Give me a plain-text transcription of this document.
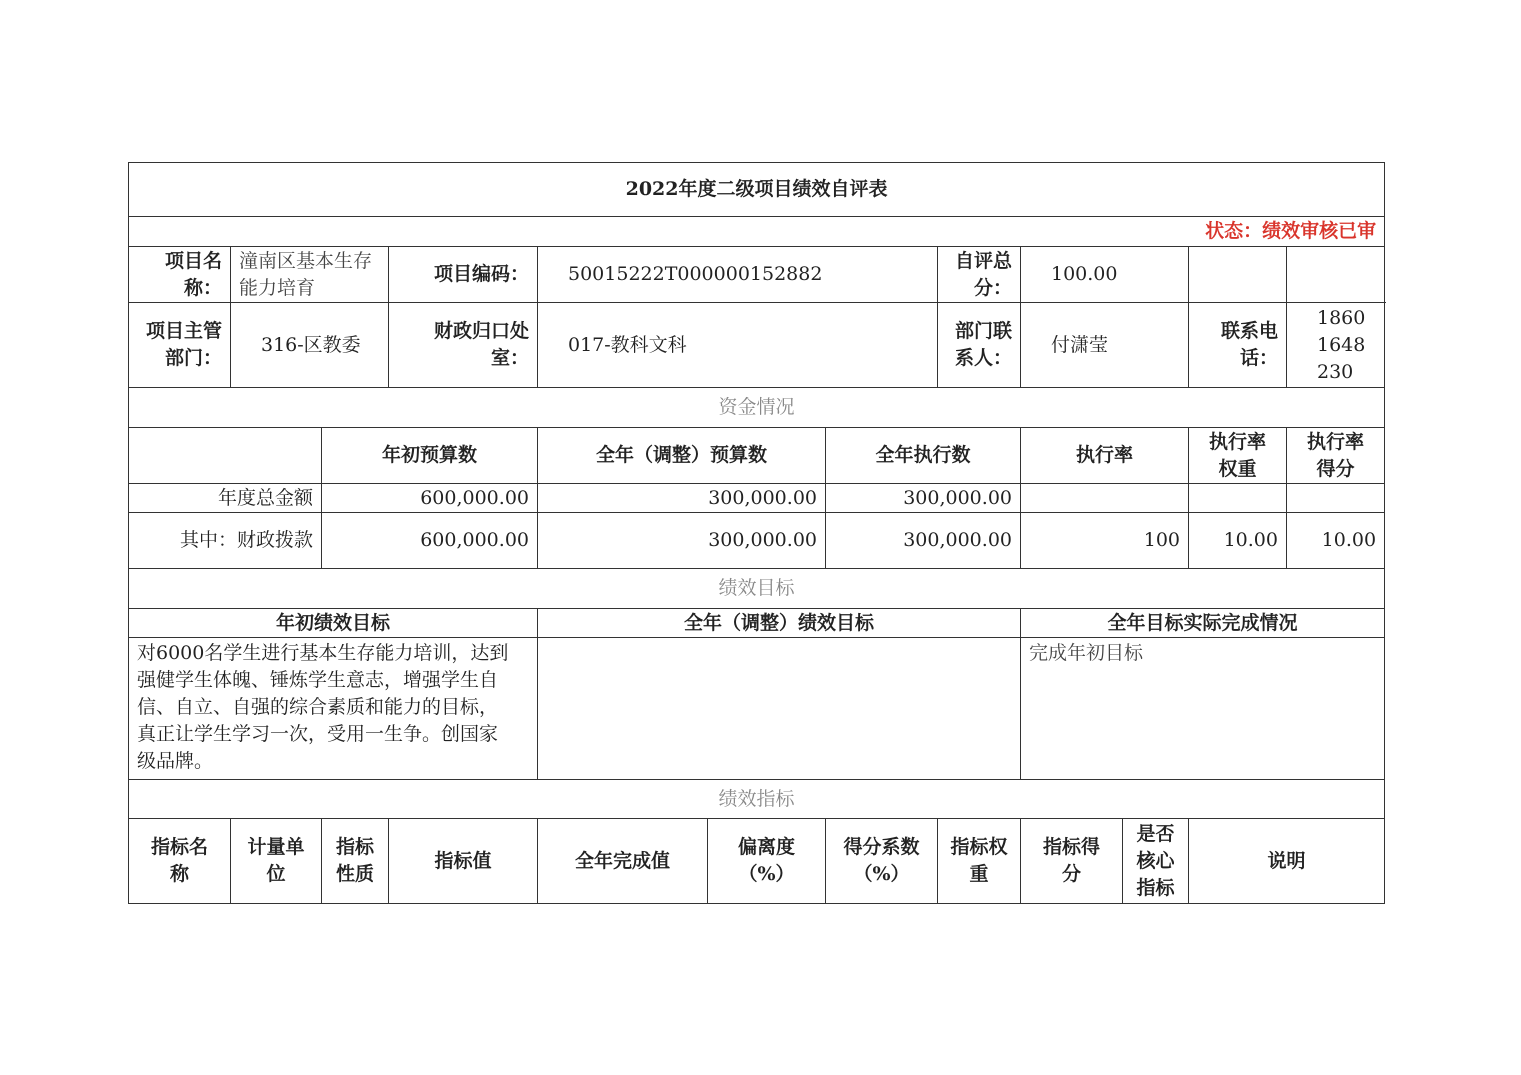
2022年度二级项目绩效自评表											
状态：绩效审核已审											
项目名称：	潼南区基本生存能力培育		项目编码：	50015222T000000152882			自评总分：	100.00			
项目主管部门：	316-区教委		财政归口处室：	017-教科文科			部门联系人：	付潇莹		联系电话：	18601648230
资金情况											
		年初预算数		全年（调整）预算数		全年执行数		执行率		执行率权重	执行率得分
年度总金额		600,000.00		300,000.00		300,000.00					
其中：财政拨款		600,000.00		300,000.00		300,000.00		100		10.00	10.00
绩效目标											
年初绩效目标				全年（调整）绩效目标				全年目标实际完成情况			
对6000名学生进行基本生存能力培训，达到强健学生体魄、锤炼学生意志，增强学生自信、自立、自强的综合素质和能力的目标，真正让学生学习一次，受用一生争。创国家级品牌。								完成年初目标			
绩效指标											
指标名称	计量单位	指标性质	指标值	全年完成值	偏离度（%）	得分系数（%）	指标权重	指标得分	是否核心指标	说明	
